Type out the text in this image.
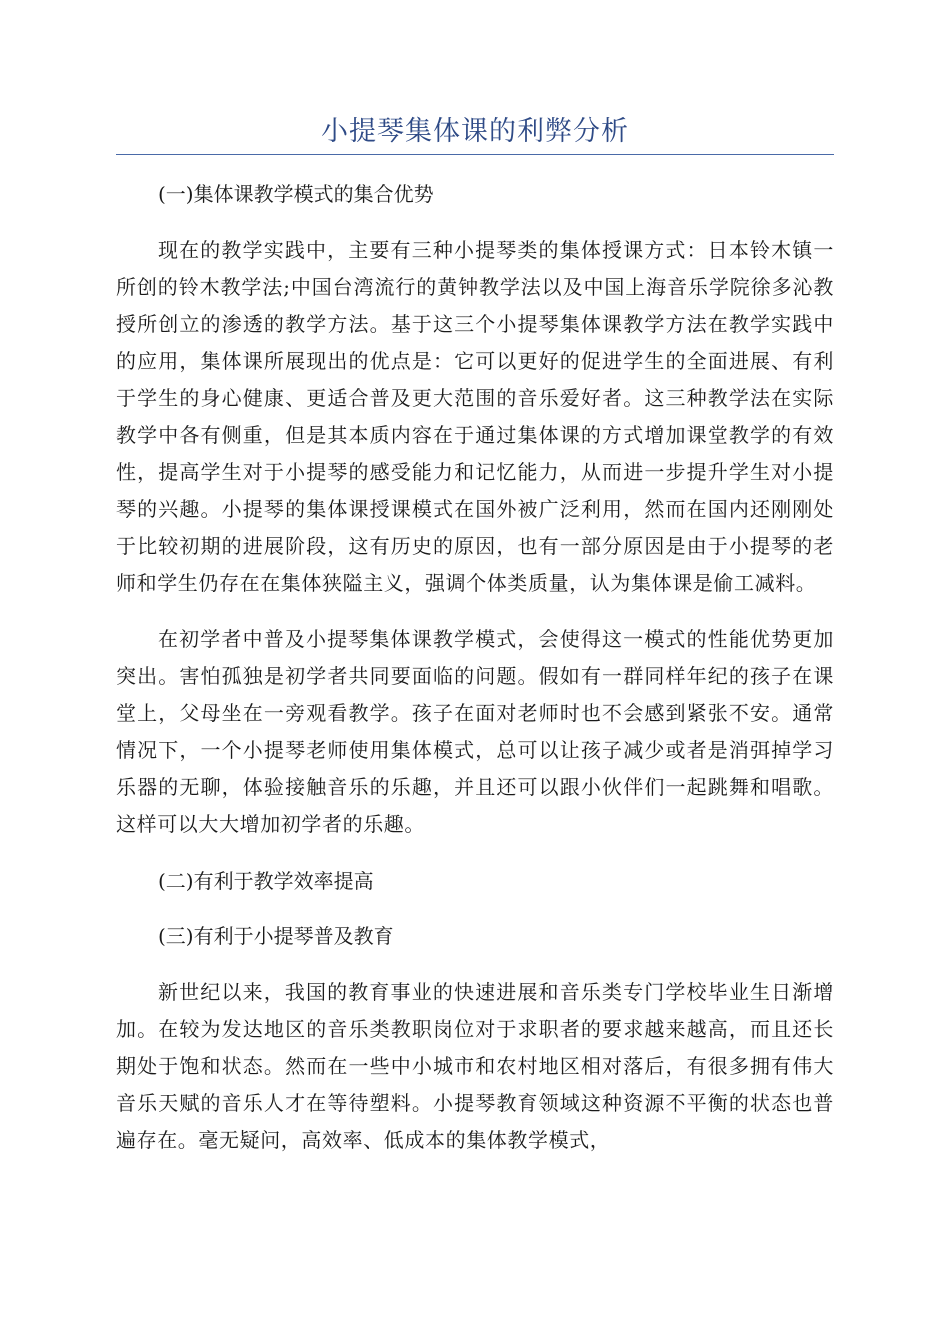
小提琴集体课的利弊分析
(一)集体课教学模式的集合优势

现在的教学实践中，主要有三种小提琴类的集体授课方式：日本铃木镇一所创的铃木教学法;中国台湾流行的黄钟教学法以及中国上海音乐学院徐多沁教授所创立的渗透的教学方法。基于这三个小提琴集体课教学方法在教学实践中的应用，集体课所展现出的优点是：它可以更好的促进学生的全面进展、有利于学生的身心健康、更适合普及更大范围的音乐爱好者。这三种教学法在实际教学中各有侧重，但是其本质内容在于通过集体课的方式增加课堂教学的有效性，提高学生对于小提琴的感受能力和记忆能力，从而进一步提升学生对小提琴的兴趣。小提琴的集体课授课模式在国外被广泛利用，然而在国内还刚刚处于比较初期的进展阶段，这有历史的原因，也有一部分原因是由于小提琴的老师和学生仍存在在集体狭隘主义，强调个体类质量，认为集体课是偷工减料。

在初学者中普及小提琴集体课教学模式，会使得这一模式的性能优势更加突出。害怕孤独是初学者共同要面临的问题。假如有一群同样年纪的孩子在课堂上，父母坐在一旁观看教学。孩子在面对老师时也不会感到紧张不安。通常情况下，一个小提琴老师使用集体模式，总可以让孩子减少或者是消弭掉学习乐器的无聊，体验接触音乐的乐趣，并且还可以跟小伙伴们一起跳舞和唱歌。这样可以大大增加初学者的乐趣。

(二)有利于教学效率提高
(三)有利于小提琴普及教育

新世纪以来，我国的教育事业的快速进展和音乐类专门学校毕业生日渐增加。在较为发达地区的音乐类教职岗位对于求职者的要求越来越高，而且还长期处于饱和状态。然而在一些中小城市和农村地区相对落后，有很多拥有伟大音乐天赋的音乐人才在等待塑料。小提琴教育领域这种资源不平衡的状态也普遍存在。毫无疑问，高效率、低成本的集体教学模式，
